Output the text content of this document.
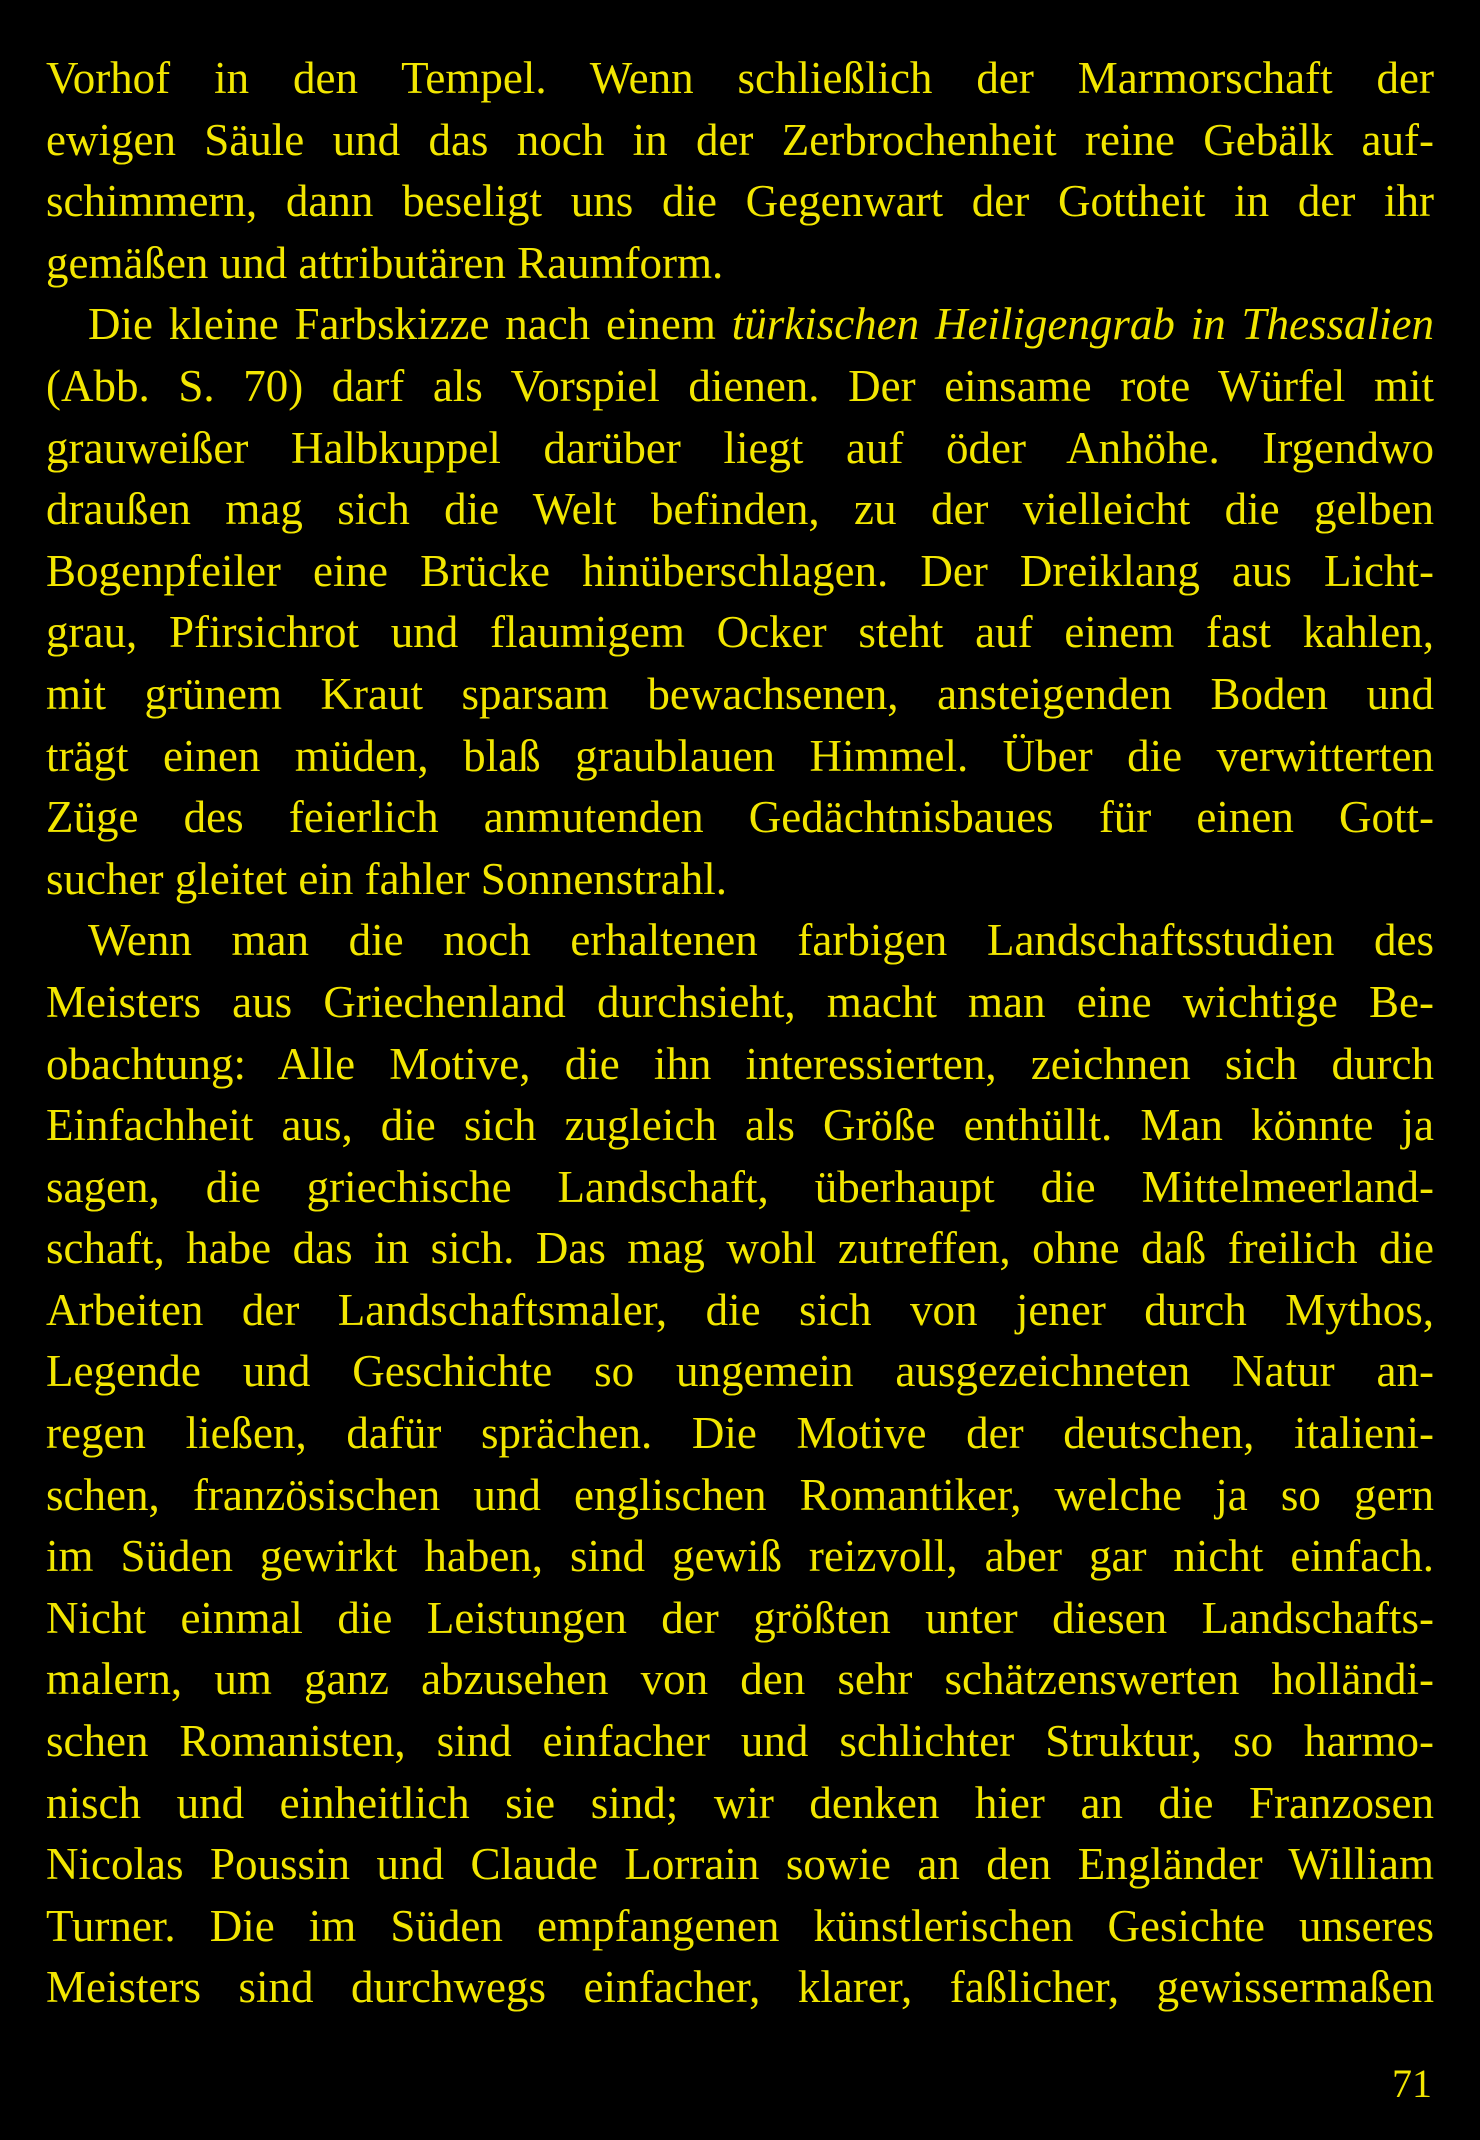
Vorhof in den Tempel. Wenn schließlich der Marmorschaft der
ewigen Säule und das noch in der Zerbrochenheit reine Gebälk auf-
schimmern, dann beseligt uns die Gegenwart der Gottheit in der ihr
gemäßen und attributären Raumform.
Die kleine Farbskizze nach einem türkischen Heiligengrab in Thessalien
(Abb. S. 70) darf als Vorspiel dienen. Der einsame rote Würfel mit
grauweißer Halbkuppel darüber liegt auf öder Anhöhe. Irgendwo
draußen mag sich die Welt befinden, zu der vielleicht die gelben
Bogenpfeiler eine Brücke hinüberschlagen. Der Dreiklang aus Licht-
grau, Pfirsichrot und flaumigem Ocker steht auf einem fast kahlen,
mit grünem Kraut sparsam bewachsenen, ansteigenden Boden und
trägt einen müden, blaß graublauen Himmel. Über die verwitterten
Züge des feierlich anmutenden Gedächtnisbaues für einen Gott-
sucher gleitet ein fahler Sonnenstrahl.
Wenn man die noch erhaltenen farbigen Landschaftsstudien des
Meisters aus Griechenland durchsieht, macht man eine wichtige Be-
obachtung: Alle Motive, die ihn interessierten, zeichnen sich durch
Einfachheit aus, die sich zugleich als Größe enthüllt. Man könnte ja
sagen, die griechische Landschaft, überhaupt die Mittelmeerland-
schaft, habe das in sich. Das mag wohl zutreffen, ohne daß freilich die
Arbeiten der Landschaftsmaler, die sich von jener durch Mythos,
Legende und Geschichte so ungemein ausgezeichneten Natur an-
regen ließen, dafür sprächen. Die Motive der deutschen, italieni-
schen, französischen und englischen Romantiker, welche ja so gern
im Süden gewirkt haben, sind gewiß reizvoll, aber gar nicht einfach.
Nicht einmal die Leistungen der größten unter diesen Landschafts-
malern, um ganz abzusehen von den sehr schätzenswerten holländi-
schen Romanisten, sind einfacher und schlichter Struktur, so harmo-
nisch und einheitlich sie sind; wir denken hier an die Franzosen
Nicolas Poussin und Claude Lorrain sowie an den Engländer William
Turner. Die im Süden empfangenen künstlerischen Gesichte unseres
Meisters sind durchwegs einfacher, klarer, faßlicher, gewissermaßen
71
